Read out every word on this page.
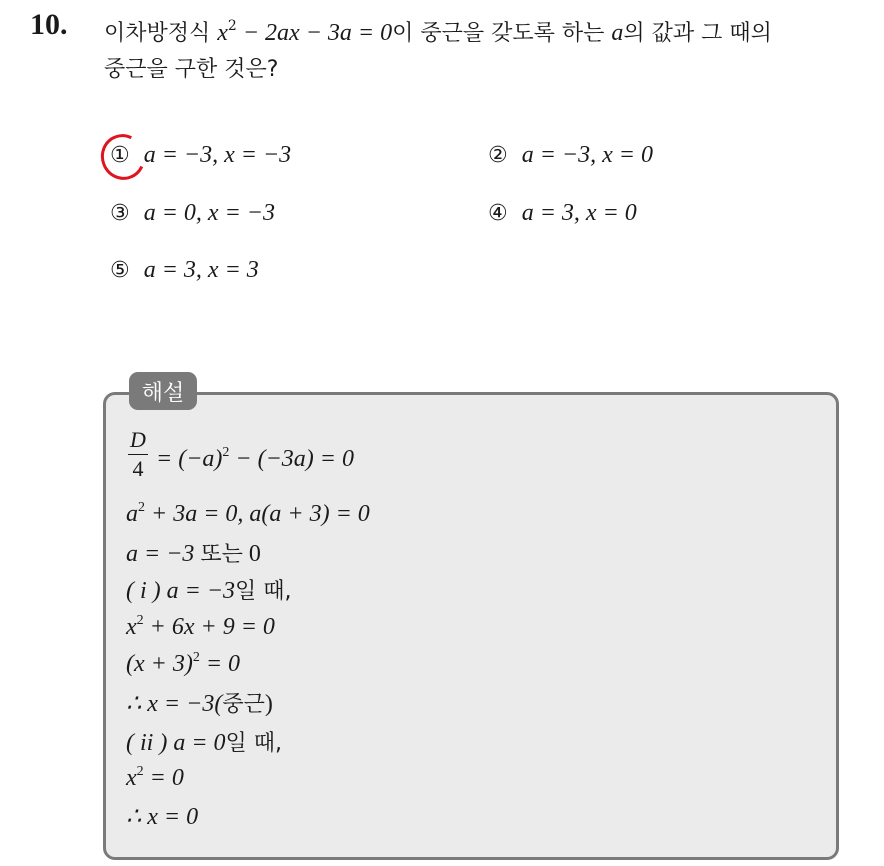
10. 이차방정식 $x^2 - 2ax - 3a = 0$이 중근을 갖도록 하는 a의 값과 그 때의
중근을 구한 것은?
① a = −3, x = −3	② a = −3, x = 0
③ a = 0, x = −3	④ a = 3, x = 0
⑤ a = 3, x = 3
해설
D
$4 = (-a)^2 - (-3a) = 0$
$a^2 + 3a = 0$, a(a + 3) = 0
a = −3 또는 0
( i ) a = −3일 때,
$x^2 + 6x + 9 = 0$
$(x + 3)^2 = 0$
∴ x = −3(중근)
( ii ) a = 0일 때,
$x^2 = 0$
∴ x = 0
